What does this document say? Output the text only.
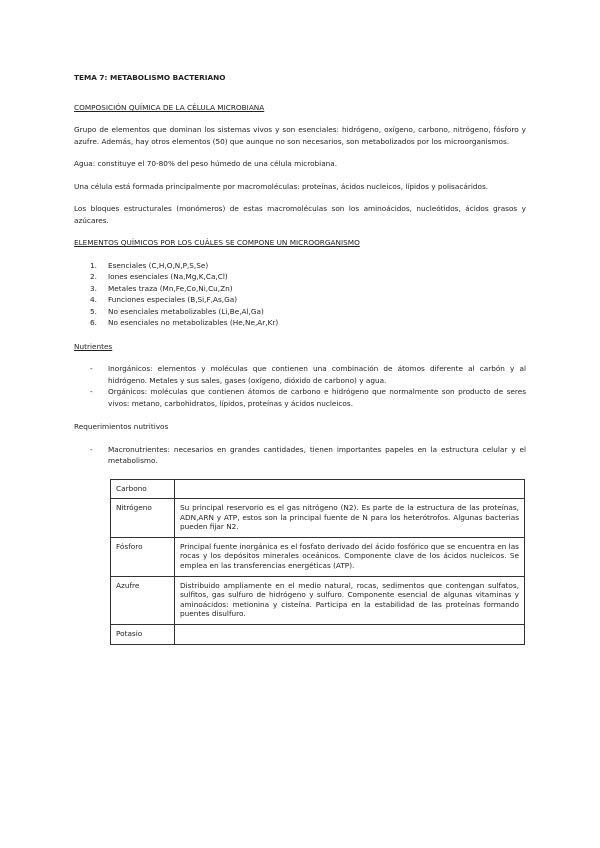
TEMA 7: METABOLISMO BACTERIANO
COMPOSICIÓN QUÍMICA DE LA CÉLULA MICROBIANA

Grupo de elementos que dominan los sistemas vivos y son esenciales: hidrógeno, oxígeno, carbono, nitrógeno, fósforo y azufre. Además, hay otros elementos (50) que aunque no son necesarios, son metabolizados por los microorganismos.

Agua: constituye el 70-80% del peso húmedo de una célula microbiana.

Una célula está formada principalmente por macromoléculas: proteínas, ácidos nucleicos, lípidos y polisacáridos.

Los bloques estructurales (monómeros) de estas macromoléculas son los aminoácidos, nucleótidos, ácidos grasos y azúcares.

ELEMENTOS QUÍMICOS POR LOS CUÁLES SE COMPONE UN MICROORGANISMO
1.	Esenciales (C,H,O,N,P,S,Se)
2.	Iones esenciales (Na,Mg,K,Ca,Cl)
3.	Metales traza (Mn,Fe,Co,Ni,Cu,Zn)
4.	Funciones especiales (B,Si,F,As,Ga)
5.	No esenciales metabolizables (Li,Be,Al,Ga)
6.	No esenciales no metabolizables (He,Ne,Ar,Kr)
Nutrientes
-	Inorgánicos: elementos y moléculas que contienen una combinación de átomos diferente al carbón y al hidrógeno. Metales y sus sales, gases (oxígeno, dióxido de carbono) y agua.
-	Orgánicos: moléculas que contienen átomos de carbono e hidrógeno que normalmente son producto de seres vivos: metano, carbohidratos, lípidos, proteínas y ácidos nucleicos.

Requerimientos nutritivos

-	Macronutrientes: necesarios en grandes cantidades, tienen importantes papeles en la estructura celular y el metabolismo.
Carbono	
Nitrógeno	Su principal reservorio es el gas nitrógeno (N2). Es parte de la estructura de las proteínas, ADN,ARN y ATP, estos son la principal fuente de N para los heterótrofos. Algunas bacterias pueden fijar N2.
Fósforo	Principal fuente inorgánica es el fosfato derivado del ácido fosfórico que se encuentra en las rocas y los depósitos minerales oceánicos. Componente clave de los ácidos nucleicos. Se emplea en las transferencias energéticas (ATP).
Azufre	Distribuido ampliamente en el medio natural, rocas, sedimentos que contengan sulfatos, sulfitos, gas sulfuro de hidrógeno y sulfuro. Componente esencial de algunas vitaminas y aminoácidos: metionina y cisteína. Participa en la estabilidad de las proteínas formando puentes disulfuro.
Potasio	
